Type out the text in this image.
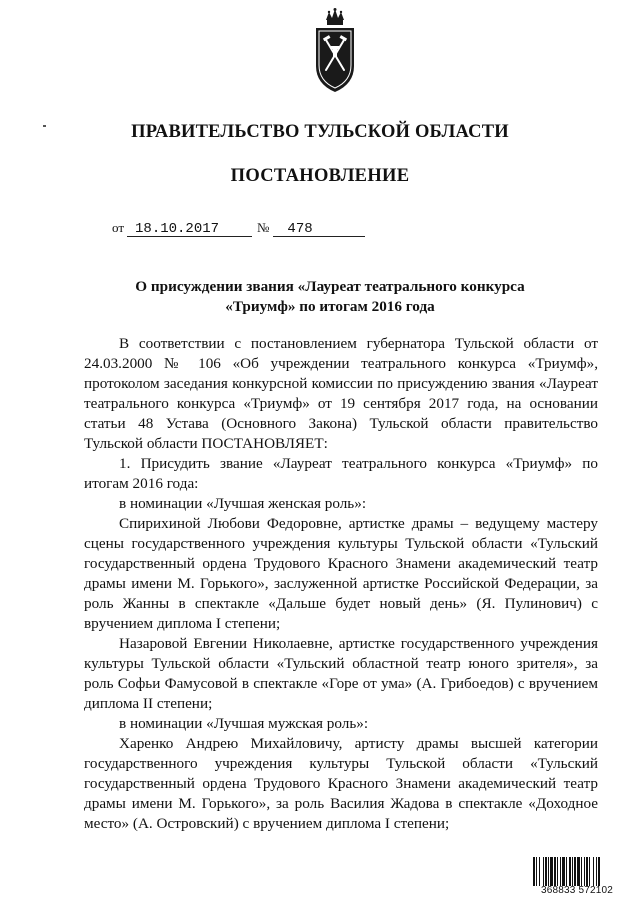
ПРАВИТЕЛЬСТВО ТУЛЬСКОЙ ОБЛАСТИ
ПОСТАНОВЛЕНИЕ
от 18.10.2017	№ 478
О присуждении звания «Лауреат театрального конкурса
«Триумф» по итогам 2016 года

В соответствии с постановлением губернатора Тульской области от 24.03.2000 № 106 «Об учреждении театрального конкурса «Триумф», протоколом заседания конкурсной комиссии по присуждению звания «Лауреат театрального конкурса «Триумф» от 19 сентября 2017 года, на основании статьи 48 Устава (Основного Закона) Тульской области правительство Тульской области ПОСТАНОВЛЯЕТ:

1. Присудить звание «Лауреат театрального конкурса «Триумф» по итогам 2016 года:

в номинации «Лучшая женская роль»:

Спирихиной Любови Федоровне, артистке драмы – ведущему мастеру сцены государственного учреждения культуры Тульской области «Тульский государственный ордена Трудового Красного Знамени академический театр драмы имени М. Горького», заслуженной артистке Российской Федерации, за роль Жанны в спектакле «Дальше будет новый день» (Я. Пулинович) с вручением диплома I степени;

Назаровой Евгении Николаевне, артистке государственного учреждения культуры Тульской области «Тульский областной театр юного зрителя», за роль Софьи Фамусовой в спектакле «Горе от ума» (А. Грибоедов) с вручением диплома II степени;

в номинации «Лучшая мужская роль»:

Харенко Андрею Михайловичу, артисту драмы высшей категории государственного учреждения культуры Тульской области «Тульский государственный ордена Трудового Красного Знамени академический театр драмы имени М. Горького», за роль Василия Жадова в спектакле «Доходное место» (А. Островский) с вручением диплома I степени;

368833 572102
